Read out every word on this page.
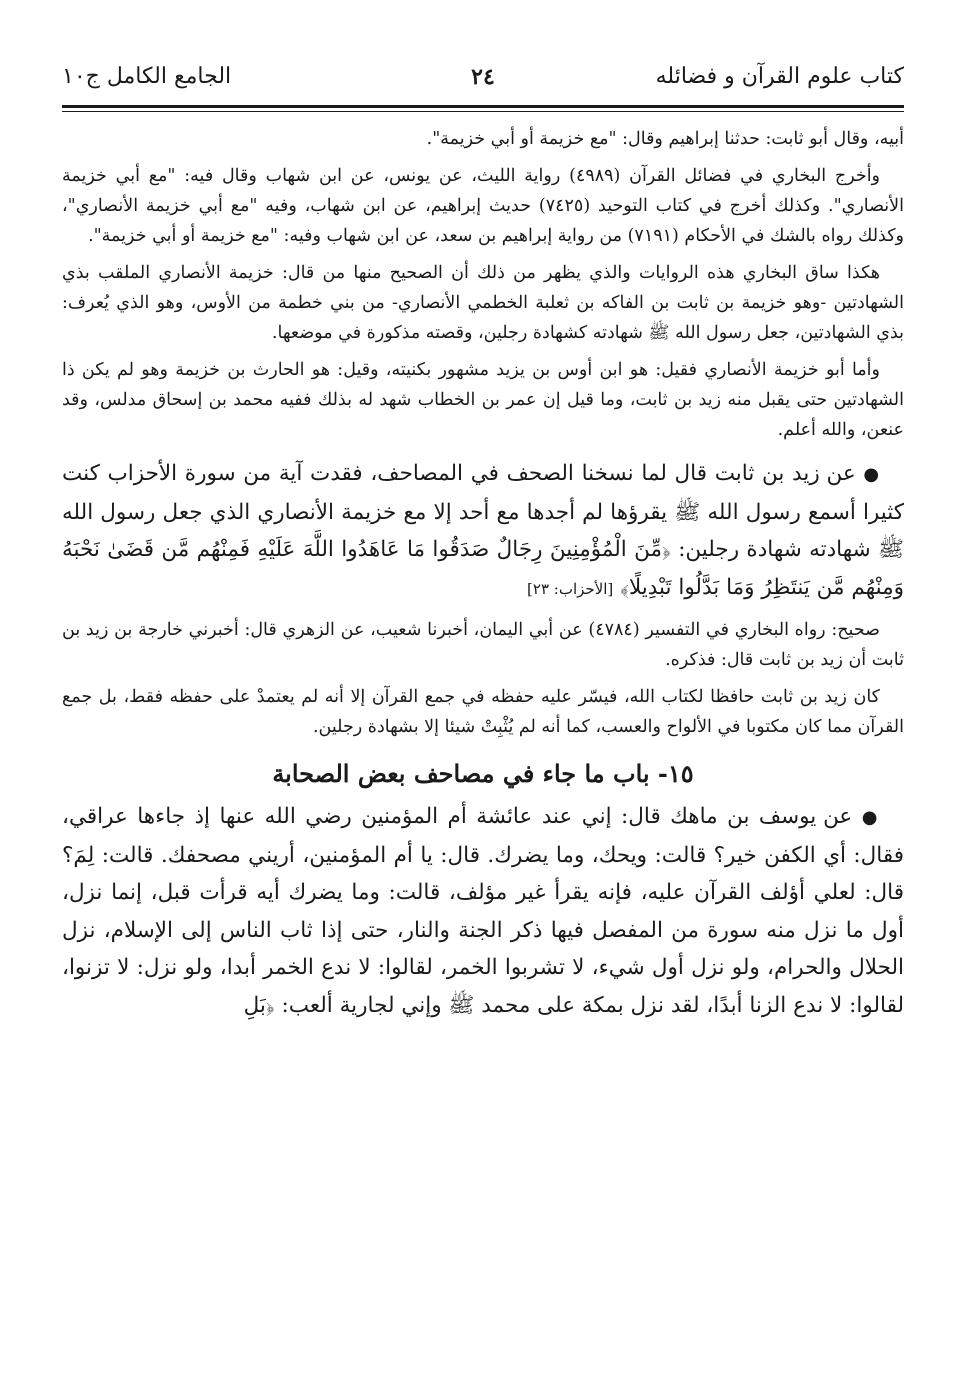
كتاب علوم القرآن و فضائله
٢٤
الجامع الكامل ج١٠

أبيه، وقال أبو ثابت: حدثنا إبراهيم وقال: "مع خزيمة أو أبي خزيمة".

وأخرج البخاري في فضائل القرآن (٤٩٨٩) رواية الليث، عن يونس، عن ابن شهاب وقال فيه: "مع أبي خزيمة الأنصاري". وكذلك أخرج في كتاب التوحيد (٧٤٢٥) حديث إبراهيم، عن ابن شهاب، وفيه "مع أبي خزيمة الأنصاري"، وكذلك رواه بالشك في الأحكام (٧١٩١) من رواية إبراهيم بن سعد، عن ابن شهاب وفيه: "مع خزيمة أو أبي خزيمة".

هكذا ساق البخاري هذه الروايات والذي يظهر من ذلك أن الصحيح منها من قال: خزيمة الأنصاري الملقب بذي الشهادتين -وهو خزيمة بن ثابت بن الفاكه بن ثعلبة الخطمي الأنصاري- من بني خطمة من الأوس، وهو الذي يُعرف: بذي الشهادتين، جعل رسول الله ﷺ شهادته كشهادة رجلين، وقصته مذكورة في موضعها.

وأما أبو خزيمة الأنصاري فقيل: هو ابن أوس بن يزيد مشهور بكنيته، وقيل: هو الحارث بن خزيمة وهو لم يكن ذا الشهادتين حتى يقبل منه زيد بن ثابت، وما قيل إن عمر بن الخطاب شهد له بذلك ففيه محمد بن إسحاق مدلس، وقد عنعن، والله أعلم.

● عن زيد بن ثابت قال لما نسخنا الصحف في المصاحف، فقدت آية من سورة الأحزاب كنت كثيرا أسمع رسول الله ﷺ يقرؤها لم أجدها مع أحد إلا مع خزيمة الأنصاري الذي جعل رسول الله ﷺ شهادته شهادة رجلين: ﴿مِّنَ الْمُؤْمِنِينَ رِجَالٌ صَدَقُوا مَا عَاهَدُوا اللَّهَ عَلَيْهِ فَمِنْهُم مَّن قَضَىٰ نَحْبَهُ وَمِنْهُم مَّن يَنتَظِرُ وَمَا بَدَّلُوا تَبْدِيلًا﴾ [الأحزاب: ٢٣]

صحيح: رواه البخاري في التفسير (٤٧٨٤) عن أبي اليمان، أخبرنا شعيب، عن الزهري قال: أخبرني خارجة بن زيد بن ثابت أن زيد بن ثابت قال: فذكره.

كان زيد بن ثابت حافظا لكتاب الله، فيسّر عليه حفظه في جمع القرآن إلا أنه لم يعتمدْ على حفظه فقط، بل جمع القرآن مما كان مكتوبا في الألواح والعسب، كما أنه لم يُثْبِتْ شيئا إلا بشهادة رجلين.

١٥- باب ما جاء في مصاحف بعض الصحابة

● عن يوسف بن ماهك قال: إني عند عائشة أم المؤمنين رضي الله عنها إذ جاءها عراقي، فقال: أي الكفن خير؟ قالت: ويحك، وما يضرك. قال: يا أم المؤمنين، أريني مصحفك. قالت: لِمَ؟ قال: لعلي أؤلف القرآن عليه، فإنه يقرأ غير مؤلف، قالت: وما يضرك أيه قرأت قبل، إنما نزل، أول ما نزل منه سورة من المفصل فيها ذكر الجنة والنار، حتى إذا ثاب الناس إلى الإسلام، نزل الحلال والحرام، ولو نزل أول شيء، لا تشربوا الخمر، لقالوا: لا ندع الخمر أبدا، ولو نزل: لا تزنوا، لقالوا: لا ندع الزنا أبدًا، لقد نزل بمكة على محمد ﷺ وإني لجارية ألعب: ﴿بَلِ
